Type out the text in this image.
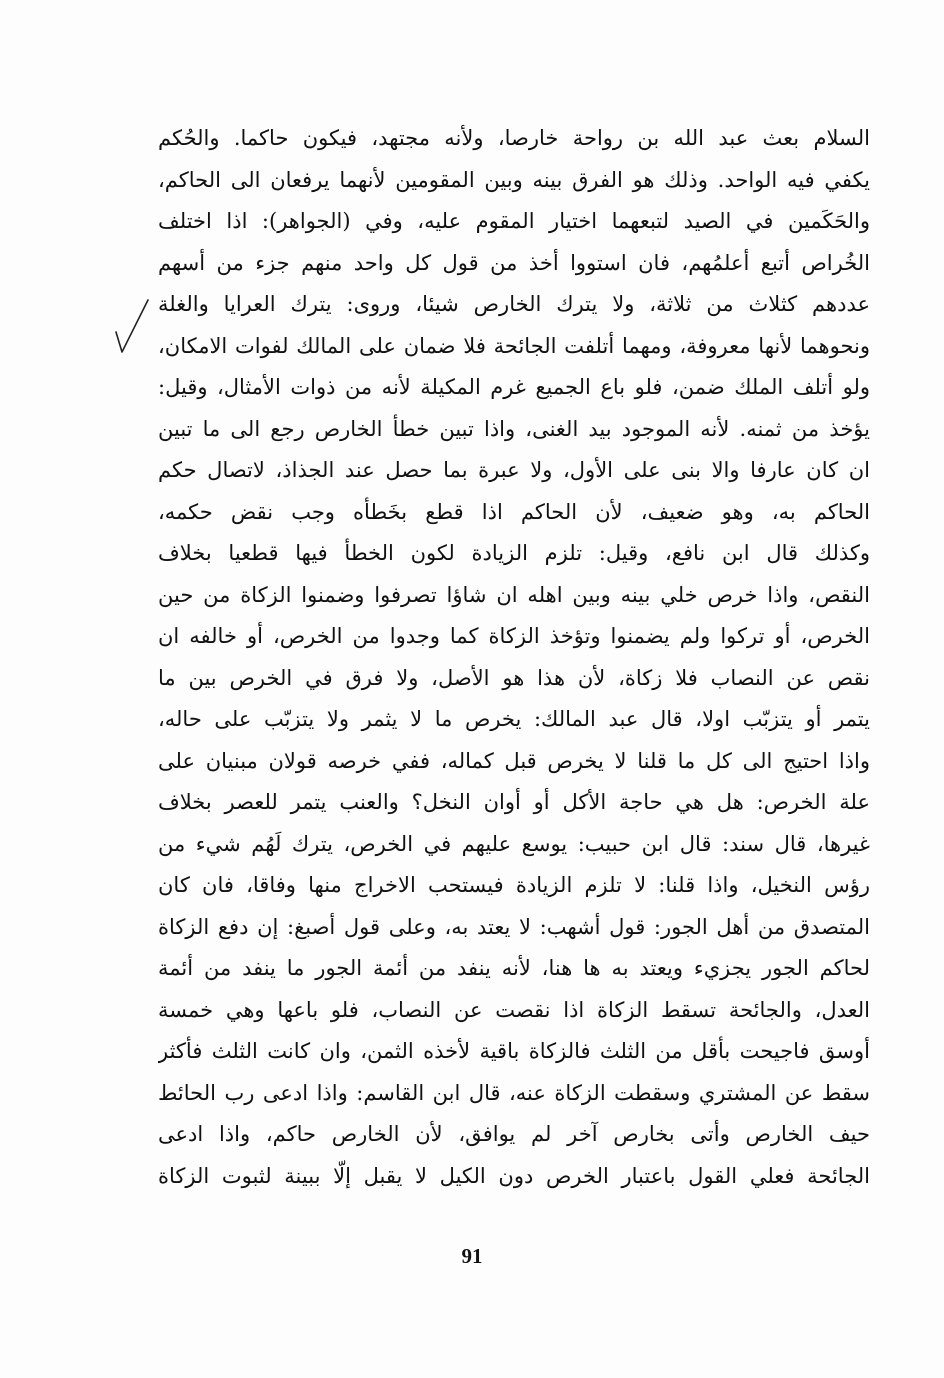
السلام بعث عبد الله بن رواحة خارصا، ولأنه مجتهد، فيكون حاكما. والحُكم
يكفي فيه الواحد. وذلك هو الفرق بينه وبين المقومين لأنهما يرفعان الى الحاكم،
والحَكَمين في الصيد لتبعهما اختيار المقوم عليه، وفي (الجواهر): اذا اختلف
الخُراص أتبع أعلمُهم، فان استووا أخذ من قول كل واحد منهم جزء من أسهم
عددهم كثلاث من ثلاثة، ولا يترك الخارص شيئا، وروى: يترك العرايا والغلة
ونحوهما لأنها معروفة، ومهما أتلفت الجائحة فلا ضمان على المالك لفوات الامكان،
ولو أتلف الملك ضمن، فلو باع الجميع غرم المكيلة لأنه من ذوات الأمثال، وقيل:
يؤخذ من ثمنه. لأنه الموجود بيد الغنى، واذا تبين خطأ الخارص رجع الى ما تبين
ان كان عارفا والا بنى على الأول، ولا عبرة بما حصل عند الجذاذ، لاتصال حكم
الحاكم به، وهو ضعيف، لأن الحاكم اذا قطع بخَطأه وجب نقض حكمه،
وكذلك قال ابن نافع، وقيل: تلزم الزيادة لكون الخطأ فيها قطعيا بخلاف
النقص، واذا خرص خلي بينه وبين اهله ان شاؤا تصرفوا وضمنوا الزكاة من حين
الخرص، أو تركوا ولم يضمنوا وتؤخذ الزكاة كما وجدوا من الخرص، أو خالفه ان
نقص عن النصاب فلا زكاة، لأن هذا هو الأصل، ولا فرق في الخرص بين ما
يتمر أو يتزبّب اولا، قال عبد المالك: يخرص ما لا يثمر ولا يتزبّب على حاله،
واذا احتيج الى كل ما قلنا لا يخرص قبل كماله، ففي خرصه قولان مبنيان على
علة الخرص: هل هي حاجة الأكل أو أوان النخل؟ والعنب يتمر للعصر بخلاف
غيرها، قال سند: قال ابن حبيب: يوسع عليهم في الخرص، يترك لَهُم شيء من
رؤس النخيل، واذا قلنا: لا تلزم الزيادة فيستحب الاخراج منها وفاقا، فان كان
المتصدق من أهل الجور: قول أشهب: لا يعتد به، وعلى قول أصبغ: إن دفع الزكاة
لحاكم الجور يجزيء ويعتد به ها هنا، لأنه ينفد من أئمة الجور ما ينفد من أئمة
العدل، والجائحة تسقط الزكاة اذا نقصت عن النصاب، فلو باعها وهي خمسة
أوسق فاجيحت بأقل من الثلث فالزكاة باقية لأخذه الثمن، وان كانت الثلث فأكثر
سقط عن المشتري وسقطت الزكاة عنه، قال ابن القاسم: واذا ادعى رب الحائط
حيف الخارص وأتى بخارص آخر لم يوافق، لأن الخارص حاكم، واذا ادعى
الجائحة فعلي القول باعتبار الخرص دون الكيل لا يقبل إلّا ببينة لثبوت الزكاة
91
